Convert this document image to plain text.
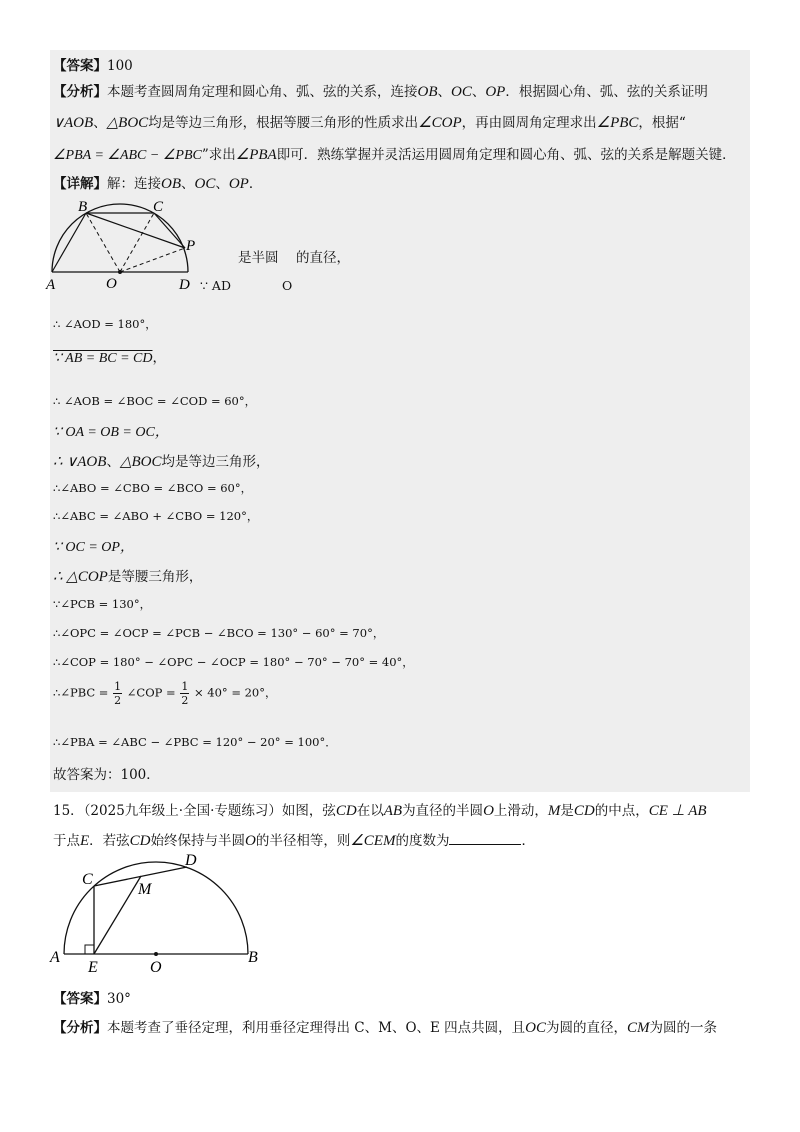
【答案】100
【分析】本题考查圆周角定理和圆心角、弧、弦的关系，连接OB、OC、OP．根据圆心角、弧、弦的关系证明
∨AOB、△BOC均是等边三角形，根据等腰三角形的性质求出∠COP，再由圆周角定理求出∠PBC，根据“
∠PBA = ∠ABC − ∠PBC”求出∠PBA即可．熟练掌握并灵活运用圆周角定理和圆心角、弧、弦的关系是解题关键．
【详解】解：连接OB、OC、OP．
B	C
P
A	O	D
是半圆 的直径，
∵ AD	O
∴ ∠AOD = 180°，
∵ AB = BC = CD，
∴ ∠AOB = ∠BOC = ∠COD = 60°，
∵ OA = OB = OC，
∴ ∨AOB、△BOC均是等边三角形，
∴∠ABO = ∠CBO = ∠BCO = 60°，
∴∠ABC = ∠ABO + ∠CBO = 120°，
∵ OC = OP，
∴ △COP是等腰三角形，
∵∠PCB = 130°，
∴∠OPC = ∠OCP = ∠PCB − ∠BCO = 130° − 60° = 70°，
∴∠COP = 180° − ∠OPC − ∠OCP = 180° − 70° − 70° = 40°，
∴∠PBC = $\frac{1}{2}$ ∠COP = $\frac{1}{2} \times 40^\circ = 20^\circ$，
∴∠PBA = ∠ABC − ∠PBC = 120° − 20° = 100°．
故答案为：100．
15．（2025九年级上·全国·专题练习）如图，弦CD在以AB为直径的半圆O上滑动，M是CD的中点，CE ⊥ AB
于点E．若弦CD始终保持与半圆O的半径相等，则∠CEM的度数为	．
C
D
M
A
E	O
B
【答案】30°
【分析】本题考查了垂径定理，利用垂径定理得出 C、M、O、E 四点共圆，且OC为圆的直径，CM为圆的一条
